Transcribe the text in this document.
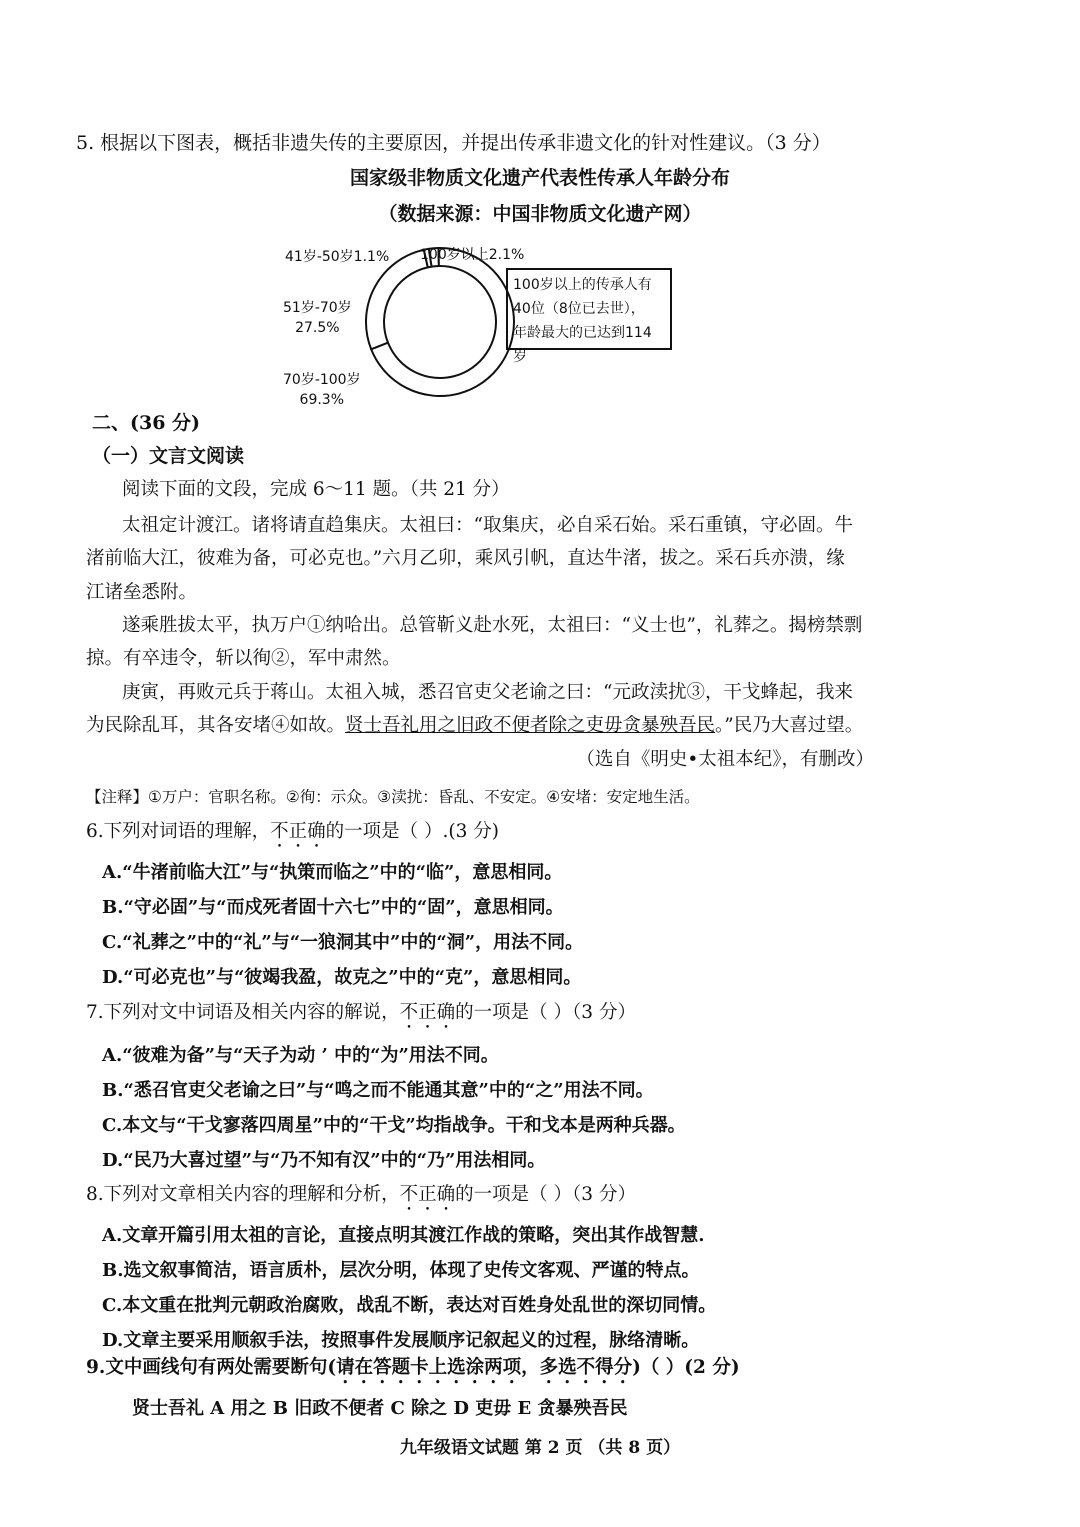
5. 根据以下图表，概括非遗失传的主要原因，并提出传承非遗文化的针对性建议。（3 分）
国家级非物质文化遗产代表性传承人年龄分布
（数据来源：中国非物质文化遗产网）
41岁-50岁1.1% 100岁以上2.1%
51岁-70岁
27.5%
70岁-100岁
69.3%
100岁以上的传承人有
40位（8位已去世），
年龄最大的已达到114岁
二、(36 分)
（一）文言文阅读
阅读下面的文段，完成 6～11 题。（共 21 分）
太祖定计渡江。诸将请直趋集庆。太祖曰：“取集庆，必自采石始。采石重镇，守必固。牛
渚前临大江，彼难为备，可必克也。”六月乙卯，乘风引帆，直达牛渚，拔之。采石兵亦溃，缘
江诸垒悉附。
遂乘胜拔太平，执万户①纳哈出。总管靳义赴水死，太祖曰：“义士也”，礼葬之。揭榜禁剽
掠。有卒违令，斩以徇②，军中肃然。
庚寅，再败元兵于蒋山。太祖入城，悉召官吏父老谕之曰：“元政渎扰③，干戈蜂起，我来
为民除乱耳，其各安堵④如故。贤士吾礼用之旧政不便者除之吏毋贪暴殃吾民。”民乃大喜过望。
（选自《明史•太祖本纪》，有删改）
【注释】①万户：官职名称。②徇：示众。③渎扰：昏乱、不安定。④安堵：安定地生活。
6.下列对词语的理解，不正确的一项是（ ）.(3 分)
A.“牛渚前临大江”与“执策而临之”中的“临”，意思相同。
B.“守必固”与“而戍死者固十六七”中的“固”，意思相同。
C.“礼葬之”中的“礼”与“一狼洞其中”中的“洞”，用法不同。
D.“可必克也”与“彼竭我盈，故克之”中的“克”，意思相同。
7.下列对文中词语及相关内容的解说，不正确的一项是（ ）（3 分）
A.“彼难为备”与“天子为动 ’ 中的“为”用法不同。
B.“悉召官吏父老谕之曰”与“鸣之而不能通其意”中的“之”用法不同。
C.本文与“干戈寥落四周星”中的“干戈”均指战争。干和戈本是两种兵器。
D.“民乃大喜过望”与“乃不知有汉”中的“乃”用法相同。
8.下列对文章相关内容的理解和分析，不正确的一项是（ ）（3 分）
A.文章开篇引用太祖的言论，直接点明其渡江作战的策略，突出其作战智慧.
B.选文叙事简洁，语言质朴，层次分明，体现了史传文客观、严谨的特点。
C.本文重在批判元朝政治腐败，战乱不断，表达对百姓身处乱世的深切同情。
D.文章主要采用顺叙手法，按照事件发展顺序记叙起义的过程，脉络清晰。
9.文中画线句有两处需要断句(请在答题卡上选涂两项，多选不得分)（ ）(2 分)
贤士吾礼 A 用之 B 旧政不便者 C 除之 D 吏毋 E 贪暴殃吾民
九年级语文试题 第 2 页 （共 8 页）
